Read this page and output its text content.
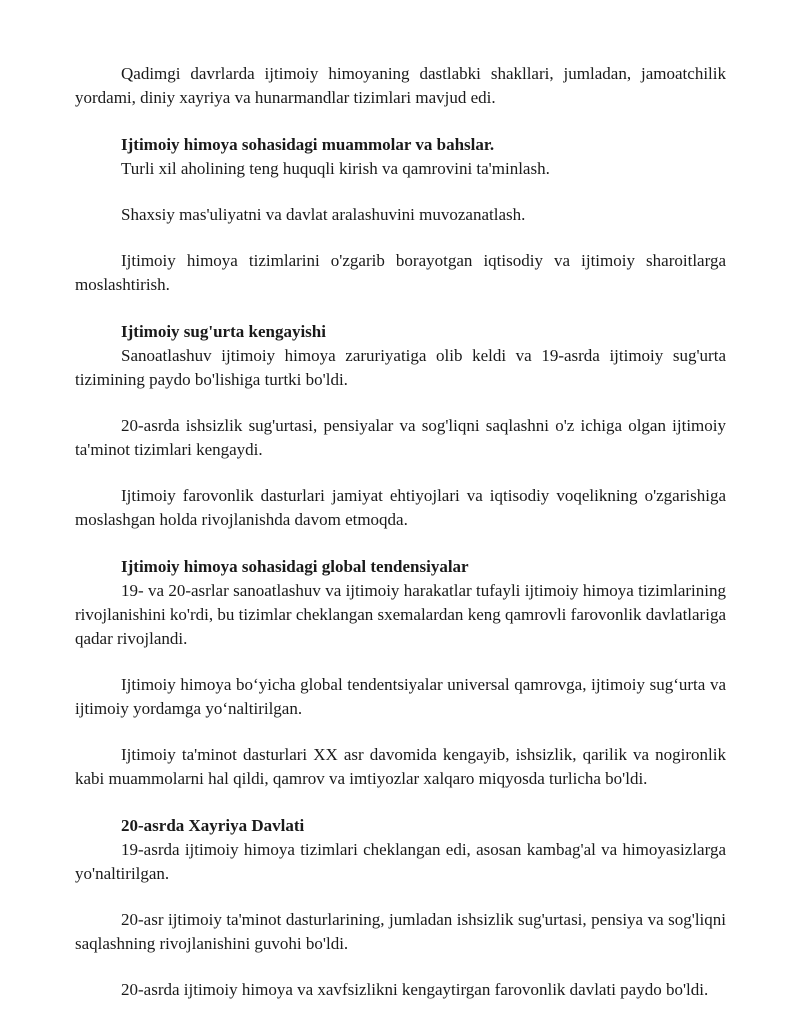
Qadimgi davrlarda ijtimoiy himoyaning dastlabki shakllari, jumladan, jamoatchilik yordami, diniy xayriya va hunarmandlar tizimlari mavjud edi.

Ijtimoiy himoya sohasidagi muammolar va bahslar.

Turli xil aholining teng huquqli kirish va qamrovini ta'minlash.

Shaxsiy mas'uliyatni va davlat aralashuvini muvozanatlash.

Ijtimoiy himoya tizimlarini o'zgarib borayotgan iqtisodiy va ijtimoiy sharoitlarga moslashtirish.

Ijtimoiy sug'urta kengayishi

Sanoatlashuv ijtimoiy himoya zaruriyatiga olib keldi va 19-asrda ijtimoiy sug'urta tizimining paydo bo'lishiga turtki bo'ldi.

20-asrda ishsizlik sug'urtasi, pensiyalar va sog'liqni saqlashni o'z ichiga olgan ijtimoiy ta'minot tizimlari kengaydi.

Ijtimoiy farovonlik dasturlari jamiyat ehtiyojlari va iqtisodiy voqelikning o'zgarishiga moslashgan holda rivojlanishda davom etmoqda.

Ijtimoiy himoya sohasidagi global tendensiyalar

19- va 20-asrlar sanoatlashuv va ijtimoiy harakatlar tufayli ijtimoiy himoya tizimlarining rivojlanishini ko'rdi, bu tizimlar cheklangan sxemalardan keng qamrovli farovonlik davlatlariga qadar rivojlandi.

Ijtimoiy himoya bo‘yicha global tendentsiyalar universal qamrovga, ijtimoiy sug‘urta va ijtimoiy yordamga yo‘naltirilgan.

Ijtimoiy ta'minot dasturlari XX asr davomida kengayib, ishsizlik, qarilik va nogironlik kabi muammolarni hal qildi, qamrov va imtiyozlar xalqaro miqyosda turlicha bo'ldi.

20-asrda Xayriya Davlati

19-asrda ijtimoiy himoya tizimlari cheklangan edi, asosan kambag'al va himoyasizlarga yo'naltirilgan.

20-asr ijtimoiy ta'minot dasturlarining, jumladan ishsizlik sug'urtasi, pensiya va sog'liqni saqlashning rivojlanishini guvohi bo'ldi.

20-asrda ijtimoiy himoya va xavfsizlikni kengaytirgan farovonlik davlati paydo bo'ldi.
